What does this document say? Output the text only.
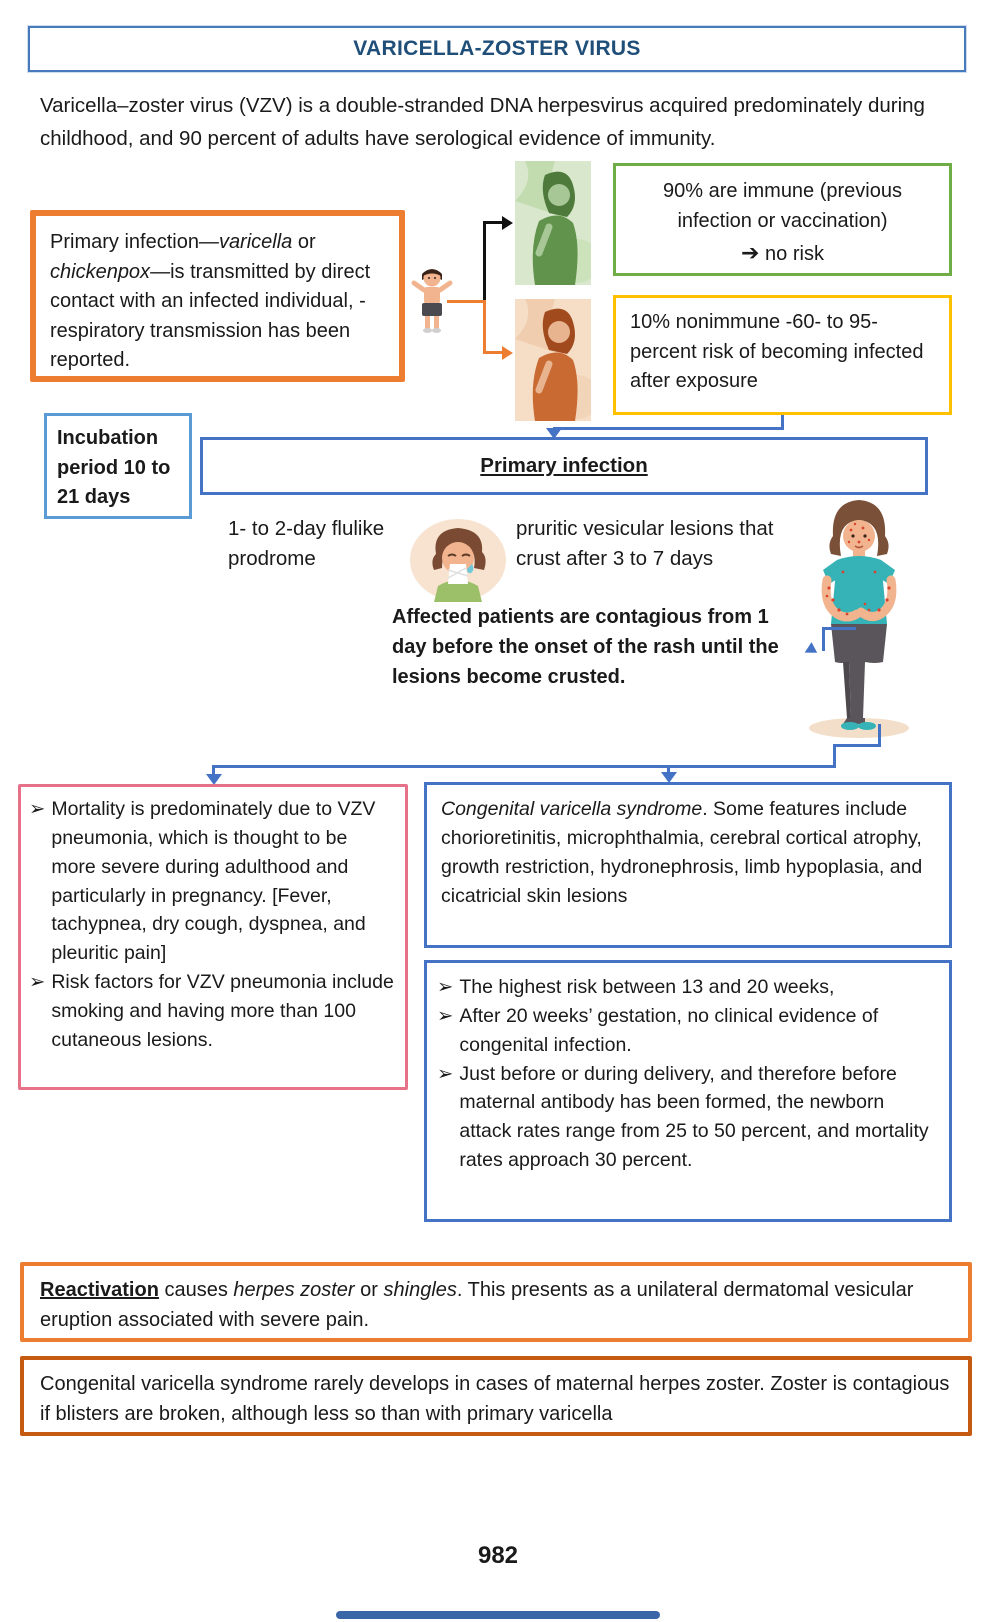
VARICELLA-ZOSTER VIRUS
Varicella–zoster virus (VZV) is a double-stranded DNA herpesvirus acquired predominately during childhood, and 90 percent of adults have serological evidence of immunity.
Primary infection—varicella or chickenpox—is transmitted by direct contact with an infected individual, - respiratory transmission has been reported.
90% are immune (previous infection or vaccination)
➔ no risk
10% nonimmune -60- to 95-percent risk of becoming infected after exposure
Incubation period 10 to 21 days
Primary infection
1- to 2-day flulike prodrome
pruritic vesicular lesions that crust after 3 to 7 days
Affected patients are contagious from 1 day before the onset of the rash until the lesions become crusted.
➢ Mortality is predominately due to VZV pneumonia, which is thought to be more severe during adulthood and particularly in pregnancy. [Fever, tachypnea, dry cough, dyspnea, and pleuritic pain]
➢ Risk factors for VZV pneumonia include smoking and having more than 100 cutaneous lesions.
Congenital varicella syndrome. Some features include chorioretinitis, microphthalmia, cerebral cortical atrophy, growth restriction, hydronephrosis, limb hypoplasia, and cicatricial skin lesions
➢ The highest risk between 13 and 20 weeks,
➢ After 20 weeks’ gestation, no clinical evidence of congenital infection.
➢ Just before or during delivery, and therefore before maternal antibody has been formed, the newborn attack rates range from 25 to 50 percent, and mortality rates approach 30 percent.
Reactivation causes herpes zoster or shingles. This presents as a unilateral dermatomal vesicular eruption associated with severe pain.
Congenital varicella syndrome rarely develops in cases of maternal herpes zoster. Zoster is contagious if blisters are broken, although less so than with primary varicella
982
